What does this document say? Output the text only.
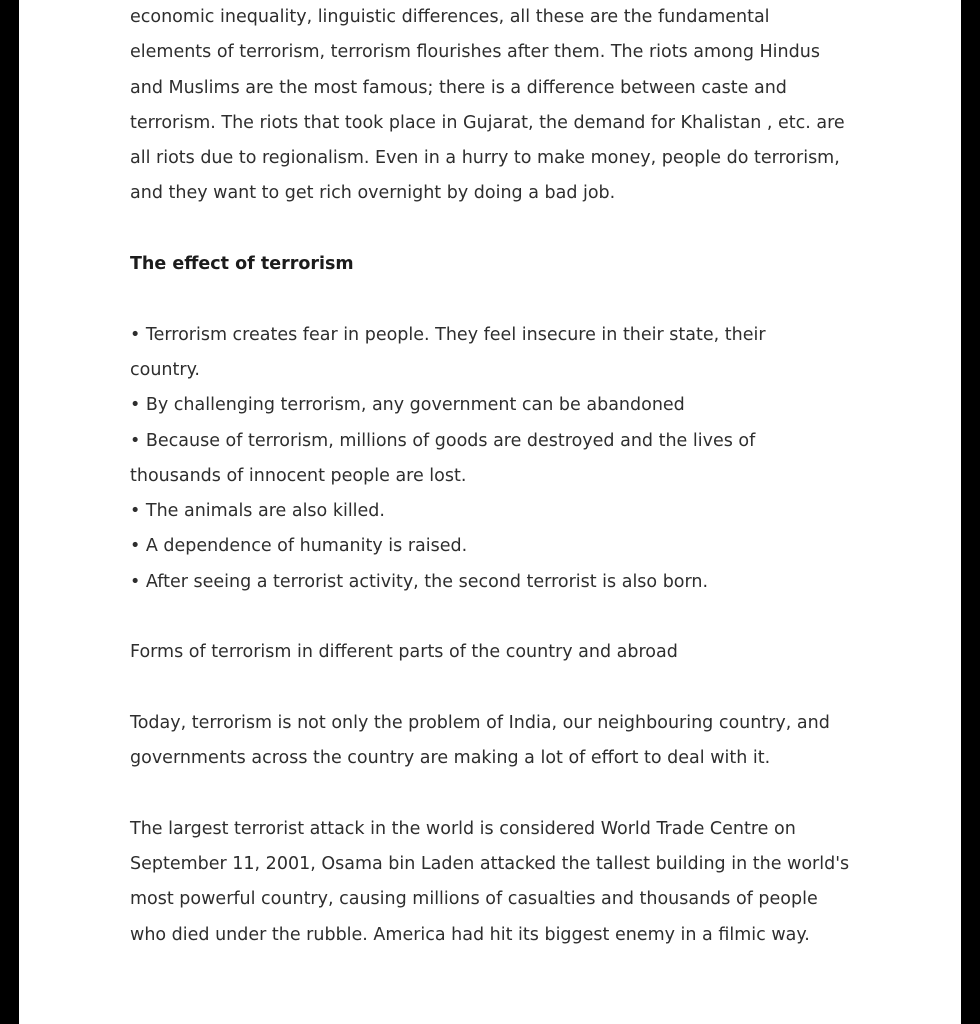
economic inequality, linguistic differences, all these are the fundamental
elements of terrorism, terrorism flourishes after them. The riots among Hindus
and Muslims are the most famous; there is a difference between caste and
terrorism. The riots that took place in Gujarat, the demand for Khalistan , etc. are
all riots due to regionalism. Even in a hurry to make money, people do terrorism,
and they want to get rich overnight by doing a bad job.

The effect of terrorism

• Terrorism creates fear in people. They feel insecure in their state, their
country.
• By challenging terrorism, any government can be abandoned
• Because of terrorism, millions of goods are destroyed and the lives of
thousands of innocent people are lost.
• The animals are also killed.
• A dependence of humanity is raised.
• After seeing a terrorist activity, the second terrorist is also born.

Forms of terrorism in different parts of the country and abroad

Today, terrorism is not only the problem of India, our neighbouring country, and
governments across the country are making a lot of effort to deal with it.

The largest terrorist attack in the world is considered World Trade Centre on
September 11, 2001, Osama bin Laden attacked the tallest building in the world's
most powerful country, causing millions of casualties and thousands of people
who died under the rubble. America had hit its biggest enemy in a filmic way.
